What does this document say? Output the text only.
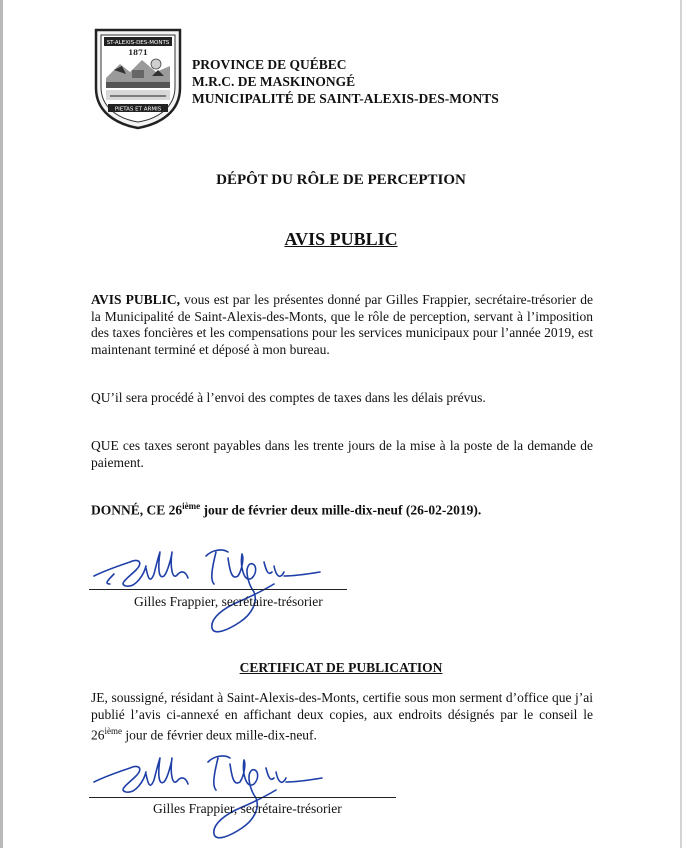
ST-ALEXIS-DES-MONTS
1871
PIETAS ET ARMIS
PROVINCE DE QUÉBEC
M.R.C. DE MASKINONGÉ
MUNICIPALITÉ DE SAINT-ALEXIS-DES-MONTS
DÉPÔT DU RÔLE DE PERCEPTION
AVIS PUBLIC
AVIS PUBLIC, vous est par les présentes donné par Gilles Frappier, secrétaire-trésorier de la Municipalité de Saint-Alexis-des-Monts, que le rôle de perception, servant à l’imposition des taxes foncières et les compensations pour les services municipaux pour l’année 2019, est maintenant terminé et déposé à mon bureau.
QU’il sera procédé à l’envoi des comptes de taxes dans les délais prévus.
QUE ces taxes seront payables dans les trente jours de la mise à la poste de la demande de paiement.
DONNÉ, CE 26ième jour de février deux mille-dix-neuf (26-02-2019).
Gilles Frappier, secrétaire-trésorier
CERTIFICAT DE PUBLICATION
JE, soussigné, résidant à Saint-Alexis-des-Monts, certifie sous mon serment d’office que j’ai publié l’avis ci-annexé en affichant deux copies, aux endroits désignés par le conseil le 26ième jour de février deux mille-dix-neuf.
Gilles Frappier, secrétaire-trésorier
